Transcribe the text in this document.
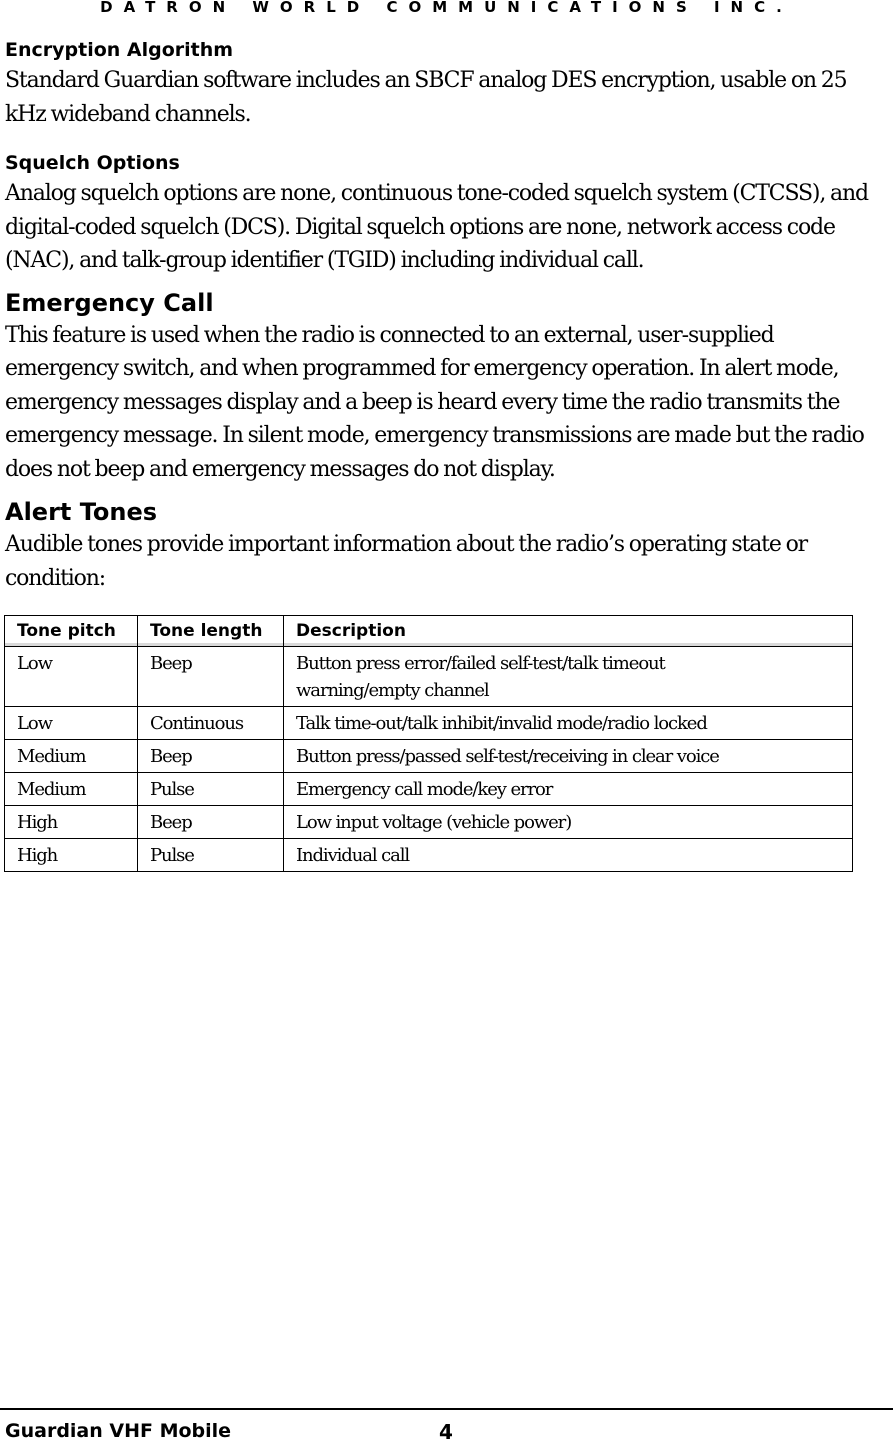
DATRON WORLD COMMUNICATIONS INC.
Encryption Algorithm

Standard Guardian software includes an SBCF analog DES encryption, usable on 25 kHz wideband channels.

Squelch Options

Analog squelch options are none, continuous tone-coded squelch system (CTCSS), and digital-coded squelch (DCS). Digital squelch options are none, network access code (NAC), and talk-group identifier (TGID) including individual call.

Emergency Call

This feature is used when the radio is connected to an external, user-supplied emergency switch, and when programmed for emergency operation. In alert mode, emergency messages display and a beep is heard every time the radio transmits the emergency message. In silent mode, emergency transmissions are made but the radio does not beep and emergency messages do not display.

Alert Tones

Audible tones provide important information about the radio’s operating state or condition:

Tone pitch	Tone length	Description
Low	Beep	Button press error/failed self-test/talk timeout warning/empty channel
Low	Continuous	Talk time-out/talk inhibit/invalid mode/radio locked
Medium	Beep	Button press/passed self-test/receiving in clear voice
Medium	Pulse	Emergency call mode/key error
High	Beep	Low input voltage (vehicle power)
High	Pulse	Individual call
Guardian VHF Mobile	4
